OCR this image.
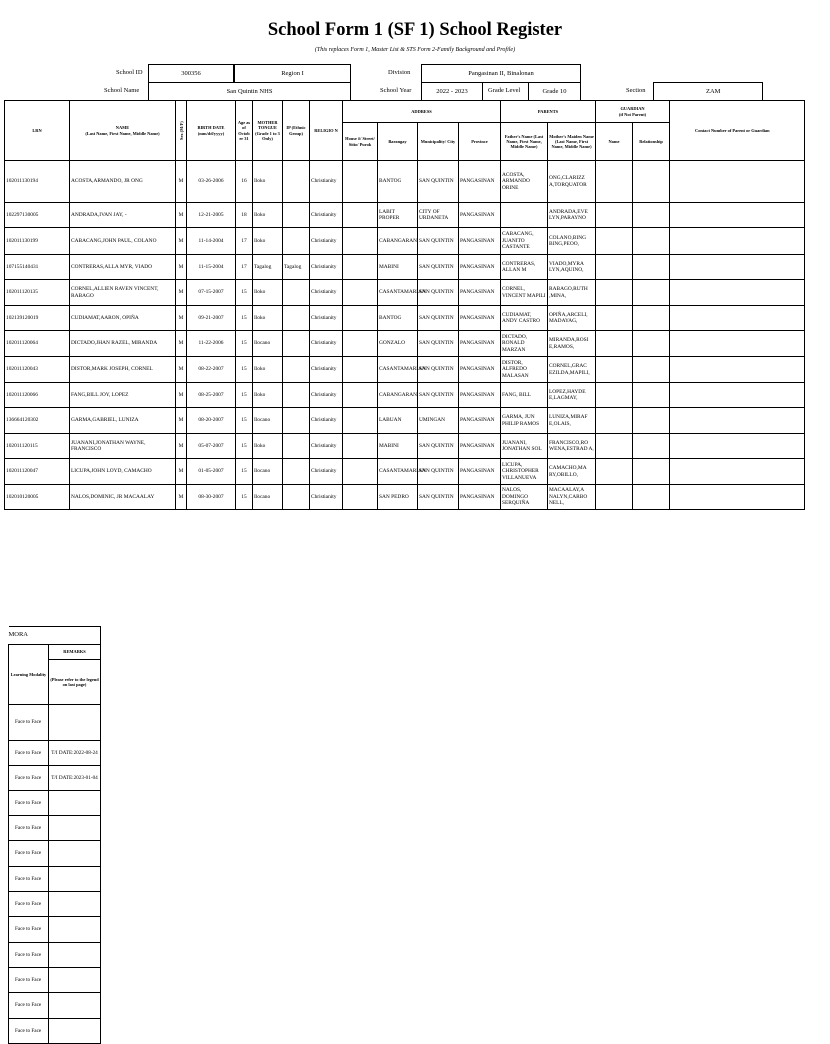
School Form 1 (SF 1) School Register
(This replaces Form 1, Master List & STS Form 2-Family Background and Profile)
School ID	300356	Region I	Division	Pangasinan II, Binalonan
School Name	San Quintin NHS	School Year	2022 - 2023	Grade Level	Grade 10	Section	ZAM
LRN	NAME
(Last Name, First Name, Middle Name)	Sex (M/F)	BIRTH DATE (mm/dd/yyyy)	Age as of Octob er 31	MOTHER TONGUE (Grade 1 to 3 Only)	IP (Ethnic Group)	RELIGIO N	ADDRESS				PARENTS		GUARDIAN
(if Not Parent)		Contact Number of Parent or Guardian
								House #/ Street/ Sitio/ Purok	Barangay	Municipality/ City	Province	Father's Name (Last Name, First Name, Middle Name)	Mother's Maiden Name (Last Name, First Name, Middle Name)	Name	Relationship	
102011130194	ACOSTA,ARMANDO, JR ONG	M	03-26-2006	16	Iloko		Christianity		BANTOG	SAN QUINTIN	PANGASINAN	ACOSTA, ARMANDO ORINE	ONG,CLARIZZ A,TORQUATOR			
102297130005	ANDRADA,IVAN JAY, -	M	12-21-2005	18	Iloko		Christianity		LABIT PROPER	CITY OF URDANETA	PANGASINAN		ANDRADA,EVE LYN,PARAYNO			
102011130199	CABACANG,JOHN PAUL, COLANO	M	11-14-2004	17	Iloko		Christianity		CABANGARAN	SAN QUINTIN	PANGASINAN	CABACANG, JUANITO CASTANTE	COLANO,BING BING,PEOO,			
107155140431	CONTRERAS,ALLA MYR, VIADO	M	11-15-2004	17	Tagalog	Tagalog	Christianity		MABINI	SAN QUINTIN	PANGASINAN	CONTRERAS, ALLAN M	VIADO,MYRA LYN,AQUINO,			
102011120135	CORNEL,ALLIEN RAVEN VINCENT, RABAGO	M	07-15-2007	15	Iloko		Christianity		CASANTAMARIAN	SAN QUINTIN	PANGASINAN	CORNEL, VINCENT MAPILI	RABAGO,RUTH ,MINA,			
102139120019	CUDIAMAT,AARON, OPIÑA	M	09-21-2007	15	Iloko		Christianity		BANTOG	SAN QUINTIN	PANGASINAN	CUDIAMAT, ANDY CASTRO	OPIÑA,ARCELI, MADAYAG,			
102011120064	DICTADO,JHAN RAZEL, MIRANDA	M	11-22-2006	15	Ilocano		Christianity		GONZALO	SAN QUINTIN	PANGASINAN	DICTADO, RONALD MARZAN	MIRANDA,ROSI E,RAMOS,			
102011120043	DISTOR,MARK JOSEPH, CORNEL	M	08-22-2007	15	Iloko		Christianity		CASANTAMARIAN	SAN QUINTIN	PANGASINAN	DISTOR, ALFREDO MALASAN	CORNEL,GRAC EZILDA,MAPILI,			
102011120066	FANG,BILL JOY, LOPEZ	M	08-25-2007	15	Iloko		Christianity		CABANGARAN	SAN QUINTIN	PANGASINAN	FANG, BILL	LOPEZ,HAYDE E,LAGMAY,			
136664120302	GARMA,GABRIEL, LUNIZA	M	08-20-2007	15	Ilocano		Christianity		LABUAN	UMINGAN	PANGASINAN	GARMA, JUN PHILIP RAMOS	LUNIZA,MIRAF E,OLAIS,			
102011120115	JUANANI,JONATHAN WAYNE, FRANCISCO	M	05-07-2007	15	Iloko		Christianity		MABINI	SAN QUINTIN	PANGASINAN	JUANANI, JONATHAN SOL	FRANCISCO,RO WENA,ESTRAD A,			
102011120047	LICUPA,JOHN LOYD, CAMACHO	M	01-05-2007	15	Ilocano		Christianity		CASANTAMARIAN	SAN QUINTIN	PANGASINAN	LICUPA, CHRISTOPHER VILLANUEVA	CAMACHO,MA RY,OBILLO,			
102010120005	NALOS,DOMINIC, JR MACAALAY	M	08-30-2007	15	Ilocano		Christianity		SAN PEDRO	SAN QUINTIN	PANGASINAN	NALOS, DOMINGO SERQUIÑA	MACAALAY,A NALYN,CARBO NELL,			
MORA	
Learning Modality	REMARKS
	(Please refer to the legend on last page)
Face to Face	
Face to Face	T/I DATE:2022-08-24
Face to Face	T/I DATE:2023-01-04
Face to Face	
Face to Face	
Face to Face	
Face to Face	
Face to Face	
Face to Face	
Face to Face	
Face to Face	
Face to Face	
Face to Face	
